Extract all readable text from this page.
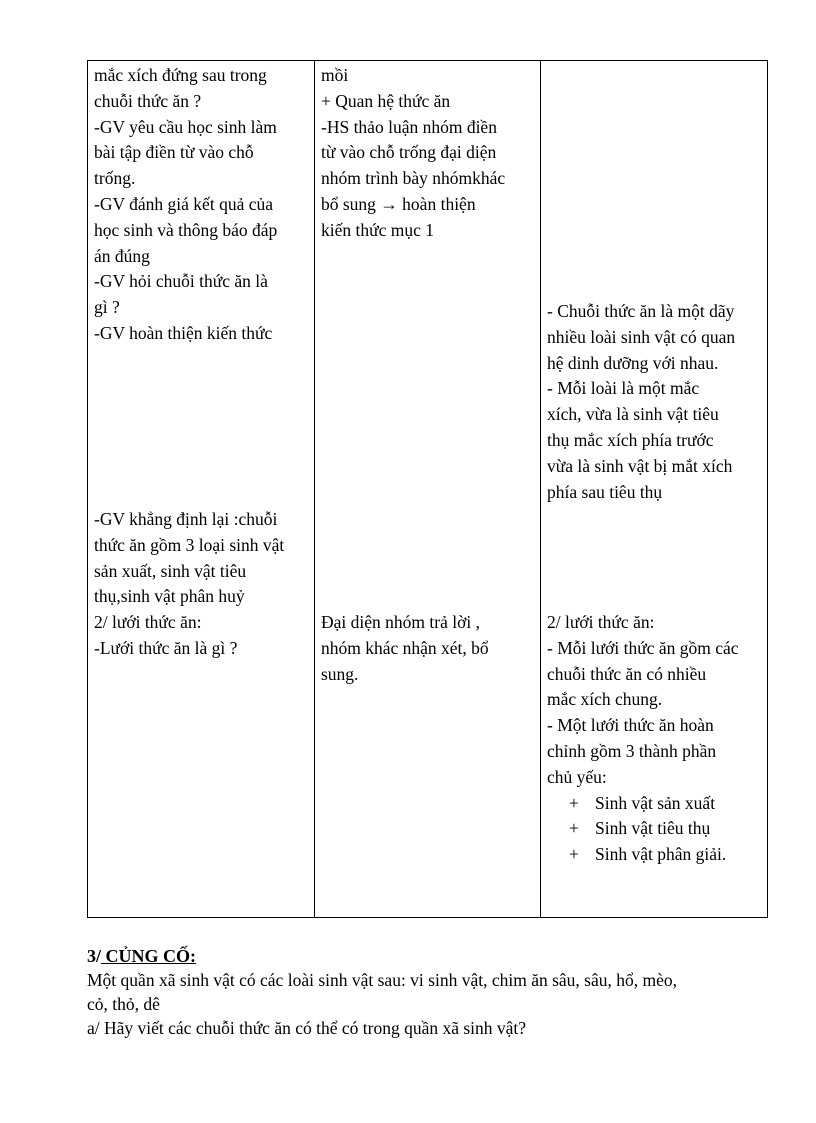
mắc xích đứng sau trong
chuỗi thức ăn ?
-GV yêu cầu học sinh làm
bài tập điền từ vào chỗ
trống.
-GV đánh giá kết quả của
học sinh và thông báo đáp
án đúng
-GV hỏi chuỗi thức ăn là
gì ?
-GV hoàn thiện kiến thức
-GV khẳng định lại :chuỗi
thức ăn gồm 3 loại sinh vật
sản xuất, sinh vật tiêu
thụ,sinh vật phân huỷ
2/ lưới thức ăn:
-Lưới thức ăn là gì ?

mồi
+ Quan hệ thức ăn
-HS thảo luận nhóm điền
từ vào chỗ trống đại diện
nhóm trình bày nhómkhác
bổ sung → hoàn thiện
kiến thức mục 1
Đại diện nhóm trả lời ,
nhóm khác nhận xét, bổ
sung.

- Chuỗi thức ăn là một dãy
nhiều loài sinh vật có quan
hệ dinh dưỡng với nhau.
- Mỗi loài là một mắc
xích, vừa là sinh vật tiêu
thụ mắc xích phía trước
vừa là sinh vật bị mắt xích
phía sau tiêu thụ
2/ lưới thức ăn:
- Mỗi lưới thức ăn gồm các
chuỗi thức ăn có nhiều
mắc xích chung.
- Một lưới thức ăn hoàn
chỉnh gồm 3 thành phần
chủ yếu:
+ Sinh vật sản xuất
+ Sinh vật tiêu thụ
+ Sinh vật phân giải.
3/ CỦNG CỐ:
Một quần xã sinh vật có các loài sinh vật sau: vi sinh vật, chim ăn sâu, sâu, hổ, mèo,
cỏ, thỏ, dê
a/ Hãy viết các chuỗi thức ăn có thể có trong quần xã sinh vật?
